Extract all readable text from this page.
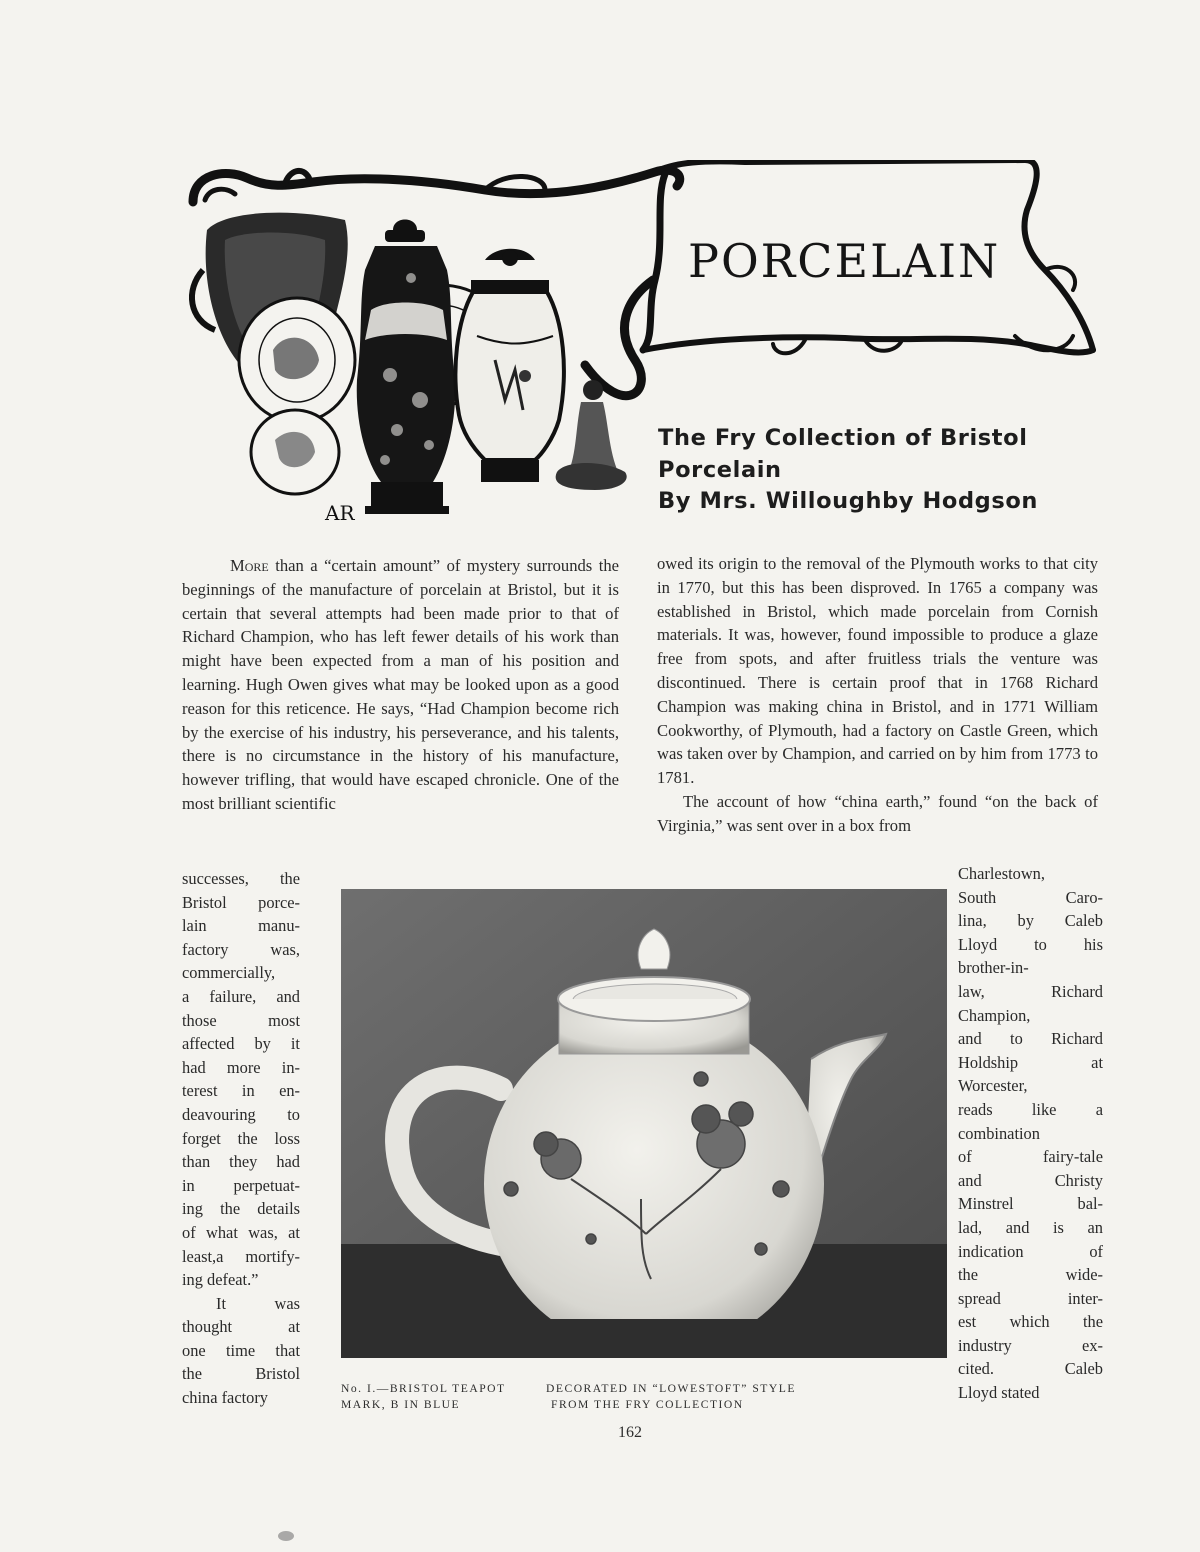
AR
PORCELAIN
The Fry Collection of Bristol
Porcelain
By Mrs. Willoughby Hodgson

More than a “certain amount” of mystery surrounds the beginnings of the manufacture of porcelain at Bristol, but it is certain that several attempts had been made prior to that of Richard Champion, who has left fewer details of his work than might have been expected from a man of his position and learning. Hugh Owen gives what may be looked upon as a good reason for this reticence. He says, “Had Champion become rich by the exercise of his industry, his perseverance, and his talents, there is no circumstance in the history of his manufacture, however trifling, that would have escaped chronicle. One of the most brilliant scientific

owed its origin to the removal of the Plymouth works to that city in 1770, but this has been disproved. In 1765 a company was established in Bristol, which made porcelain from Cornish materials. It was, however, found impossible to produce a glaze free from spots, and after fruitless trials the venture was discontinued. There is certain proof that in 1768 Richard Champion was making china in Bristol, and in 1771 William Cookworthy, of Plymouth, had a factory on Castle Green, which was taken over by Champion, and carried on by him from 1773 to 1781.

The account of how “china earth,” found “on the back of Virginia,” was sent over in a box from

successes, the
Bristol porce-
lain manu-
factory was,
commercially,
a failure, and
those most
affected by it
had more in-
terest in en-
deavouring to
forget the loss
than they had
in perpetuat-
ing the details
of what was, at
least,a mortify-
ing defeat.”
It was
thought at
one time that
the Bristol
china factory
Charlestown,
South Caro-
lina, by Caleb
Lloyd to his
brother-in-
law, Richard
Champion,
and to Richard
Holdship at
Worcester,
reads like a
combination
of fairy-tale
and Christy
Minstrel bal-
lad, and is an
indication of
the wide-
spread inter-
est which the
industry ex-
cited. Caleb
Lloyd stated
No. I.—BRISTOL TEAPOT	DECORATED IN “LOWESTOFT” STYLE
MARK, B IN BLUE	FROM THE FRY COLLECTION
162
